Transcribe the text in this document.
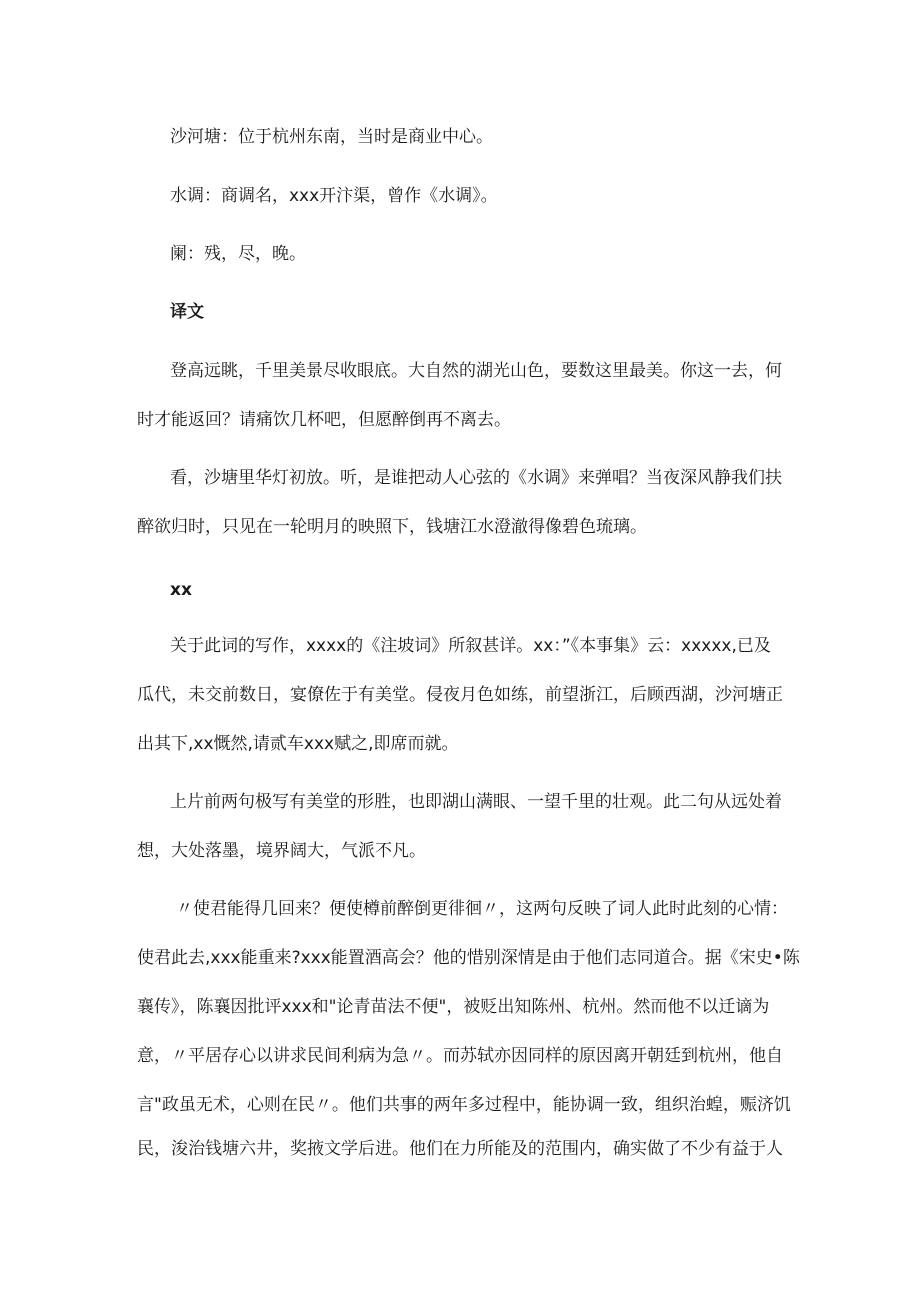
沙河塘：位于杭州东南，当时是商业中心。
水调：商调名，xxx开汴渠，曾作《水调》。
阑：残，尽，晚。
译文
登高远眺，千里美景尽收眼底。大自然的湖光山色，要数这里最美。你这一去，何
时才能返回？请痛饮几杯吧，但愿醉倒再不离去。
看，沙塘里华灯初放。听，是谁把动人心弦的《水调》来弹唱？当夜深风静我们扶
醉欲归时，只见在一轮明月的映照下，钱塘江水澄澈得像碧色琉璃。
xx
关于此词的写作，xxxx的《注坡词》所叙甚详。xx：”《本事集》云：xxxxx,已及
瓜代，未交前数日，宴僚佐于有美堂。侵夜月色如练，前望浙江，后顾西湖，沙河塘正
出其下,xx慨然,请贰车xxx赋之,即席而就。
上片前两句极写有美堂的形胜，也即湖山满眼、一望千里的壮观。此二句从远处着
想，大处落墨，境界阔大，气派不凡。
〃使君能得几回来？便使樽前醉倒更徘徊〃，这两句反映了词人此时此刻的心情：
使君此去,xxx能重来?xxx能置酒高会？他的惜别深情是由于他们志同道合。据《宋史•陈
襄传》，陈襄因批评xxx和"论青苗法不便"，被贬出知陈州、杭州。然而他不以迁谪为
意，〃平居存心以讲求民间利病为急〃。而苏轼亦因同样的原因离开朝廷到杭州，他自
言"政虽无术，心则在民〃。他们共事的两年多过程中，能协调一致，组织治蝗，赈济饥
民，浚治钱塘六井，奖掖文学后进。他们在力所能及的范围内，确实做了不少有益于人
